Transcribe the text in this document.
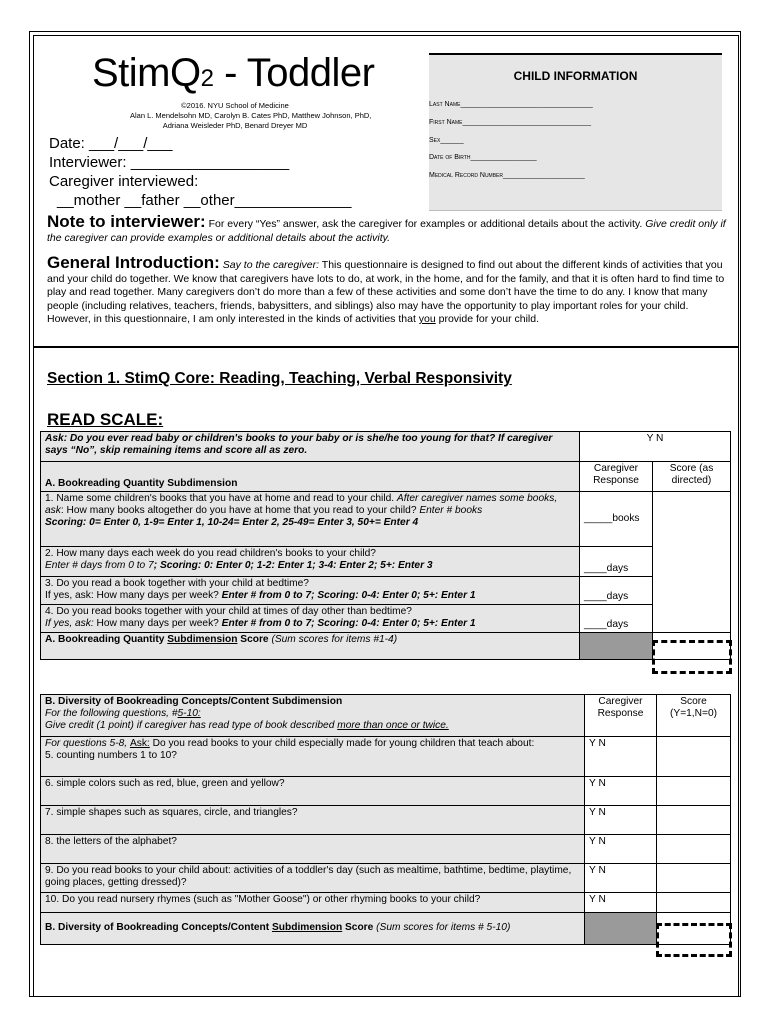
StimQ2 - Toddler
©2016. NYU School of Medicine
Alan L. Mendelsohn MD, Carolyn B. Cates PhD, Matthew Johnson, PhD,
Adriana Weisleder PhD, Benard Dreyer MD
CHILD INFORMATION
Last Name__________________________________
First Name_________________________________
Sex______
Date of Birth_________________
Medical Record Number_____________________
Date: ___/___/___
Interviewer: ___________________
Caregiver interviewed:
__mother __father __other______________
Note to interviewer: For every “Yes” answer, ask the caregiver for examples or additional details about the activity. Give credit only if the caregiver can provide examples or additional details about the activity.
General Introduction: Say to the caregiver: This questionnaire is designed to find out about the different kinds of activities that you and your child do together. We know that caregivers have lots to do, at work, in the home, and for the family, and that it is often hard to find time to play and read together. Many caregivers don’t do more than a few of these activities and some don’t have the time to do any. I know that many people (including relatives, teachers, friends, babysitters, and siblings) also may have the opportunity to play important roles for your child. However, in this questionnaire, I am only interested in the kinds of activities that you provide for your child.
Section 1. StimQ Core: Reading, Teaching, Verbal Responsivity
READ SCALE:
Ask: Do you ever read baby or children's books to your baby or is she/he too young for that? If caregiver says “No”, skip remaining items and score all as zero.	Y N	
A. Bookreading Quantity Subdimension	Caregiver Response	Score (as directed)
1. Name some children's books that you have at home and read to your child. After caregiver names some books, ask: How many books altogether do you have at home that you read to your child? Enter # books
Scoring: 0= Enter 0, 1-9= Enter 1, 10-24= Enter 2, 25-49= Enter 3, 50+= Enter 4	_____books	
2. How many days each week do you read children's books to your child?
Enter # days from 0 to 7; Scoring: 0: Enter 0; 1-2: Enter 1; 3-4: Enter 2; 5+: Enter 3	____days	
3. Do you read a book together with your child at bedtime?
If yes, ask: How many days per week? Enter # from 0 to 7; Scoring: 0-4: Enter 0; 5+: Enter 1	____days	
4. Do you read books together with your child at times of day other than bedtime?
If yes, ask: How many days per week? Enter # from 0 to 7; Scoring: 0-4: Enter 0; 5+: Enter 1	____days	
A. Bookreading Quantity Subdimension Score (Sum scores for items #1-4)		
B. Diversity of Bookreading Concepts/Content Subdimension
For the following questions, #5-10:
Give credit (1 point) if caregiver has read type of book described more than once or twice.	Caregiver Response	Score (Y=1,N=0)
For questions 5-8, Ask: Do you read books to your child especially made for young children that teach about:
5. counting numbers 1 to 10?	Y N	
6. simple colors such as red, blue, green and yellow?	Y N	
7. simple shapes such as squares, circle, and triangles?	Y N	
8. the letters of the alphabet?	Y N	
9. Do you read books to your child about: activities of a toddler's day (such as mealtime, bathtime, bedtime, playtime, going places, getting dressed)?	Y N	
10. Do you read nursery rhymes (such as "Mother Goose") or other rhyming books to your child?	Y N	
B. Diversity of Bookreading Concepts/Content Subdimension Score (Sum scores for items # 5-10)		
